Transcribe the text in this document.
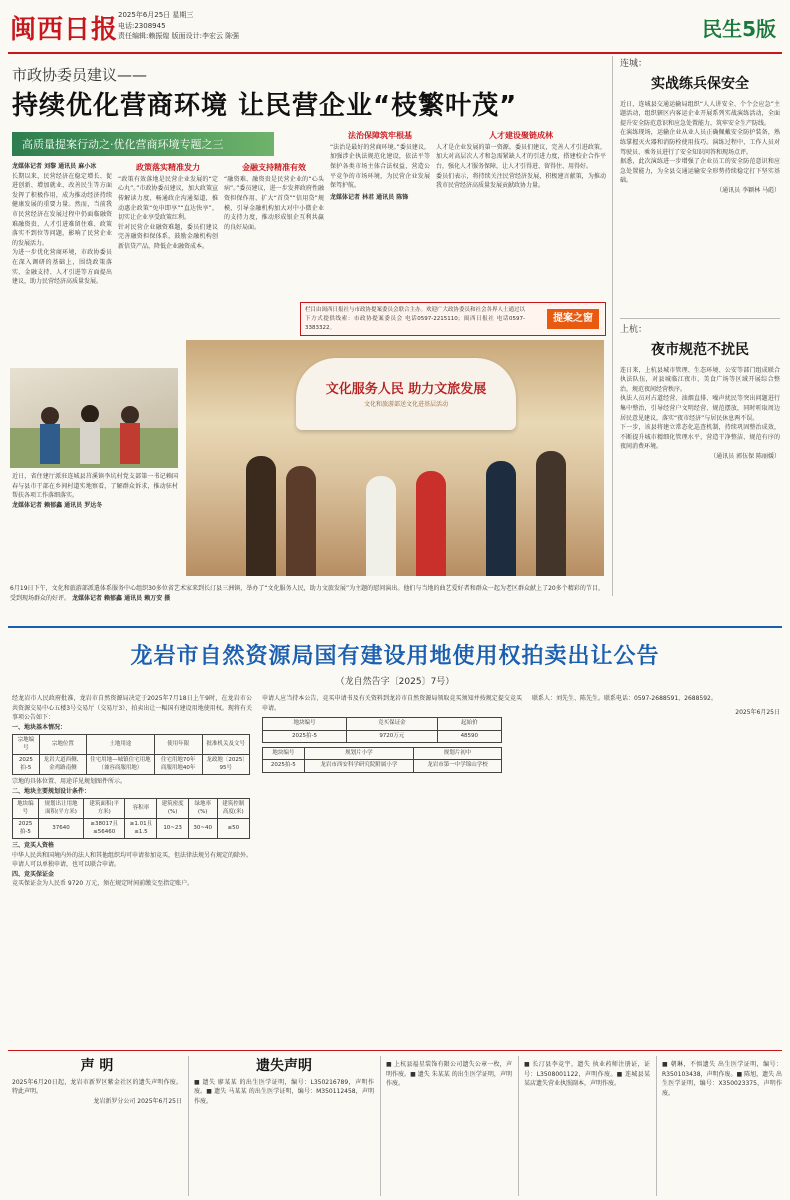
闽西日报 2025年6月25日 星期三
电话:2308945
责任编辑:赖振煌 版面设计:李宏云 陈强	民生5版
市政协委员建议——
持续优化营商环境 让民营企业“枝繁叶茂”
高质量提案行动之·优化营商环境专题之三
龙媒体记者 刘黎 通讯员 麻小冰
长期以来，民营经济在稳定增长、促进创新、增加就业、改善民生等方面发挥了积极作用，成为推动经济持续健康发展的重要力量。然而，当前我市民营经济在发展过程中仍面临融资难融资贵、人才引进难留住难、政策落实不到位等问题，影响了民营企业的发展活力。
为进一步优化营商环境，市政协委员在深入调研的基础上，围绕政策落实、金融支持、人才引进等方面提出建议，助力民营经济高质量发展。
政策落实精准发力
“政策有效落地是民营企业发展的“定心丸”。”市政协委员建议，加大政策宣传解读力度，畅通政企沟通渠道，推动惠企政策“免申即享”“直达快享”，切实让企业享受政策红利。
针对民营企业融资难题，委员们建议完善融资担保体系，鼓励金融机构创新信贷产品，降低企业融资成本。
金融支持精准有效
“融资难、融资贵是民营企业的“心头病”。”委员建议，进一步发挥政府性融资担保作用，扩大“首贷”“信用贷”规模，引导金融机构加大对中小微企业的支持力度，推动形成银企互利共赢的良好局面。
法治保障筑牢根基
“法治是最好的营商环境。”委员建议，加强涉企执法规范化建设，依法平等保护各类市场主体合法权益，营造公平竞争的市场环境，为民营企业发展保驾护航。
龙媒体记者 林君 通讯员 陈锋
人才建设聚链成林
人才是企业发展的第一资源。委员们建议，完善人才引进政策，加大对高层次人才和急需紧缺人才的引进力度，搭建校企合作平台，强化人才服务保障，让人才引得进、留得住、用得好。
委员们表示，将持续关注民营经济发展，积极建言献策，为推动我市民营经济高质量发展贡献政协力量。
栏目由闽西日报社与市政协提案委员会联合主办。欢迎广大政协委员和社会各界人士通过以下方式提供线索：市政协提案委员会 电话0597-2215110；闽西日报社 电话0597-3383322。
提案之窗
近日，省住建厅派驻连城县莒溪镇李坑村党支部第一书记赖国春与县市干部在乡间村道实地察看，了解群众诉求，推动驻村帮扶各项工作落细落实。
龙媒体记者 赖郁鑫 通讯员 罗达冬
文化服务人民 助力文旅发展
文化和旅游部送文化进基层活动
6月19日下午，文化和旅游部派遣体系服务中心组织30多位省艺术家来到长汀县三洲镇，举办了“文化服务人民，助力文旅发展”为主题的慰问演出。他们与当地的曲艺爱好者和群众一起为老区群众献上了20多个精彩的节目，受到现场群众的好评。 龙媒体记者 赖郁鑫 通讯员 赖万安 摄
连城：
实战练兵保安全
近日，连城县交通运输局组织“人人讲安全、个个会应急”主题活动，组织辖区内客运企业开展系列实战演练活动，全面提升安全防范意识和应急处置能力，筑牢安全生产防线。
在演练现场，运输企业从业人员正确佩戴安全防护装备，熟练掌握灭火器和消防栓使用技巧。演练过程中，工作人员对驾驶员、乘务员进行了安全知识问答和现场点评。
据悉，此次演练进一步增强了企业员工的安全防范意识和应急处置能力，为全县交通运输安全形势持续稳定打下坚实基础。
（通讯员 李颖林 马彪）
上杭：
夜市规范不扰民
连日来，上杭县城市管理、生态环境、公安等部门组成联合执法队伍，对县城临江夜市、美食广场等区域开展综合整治，规范夜间经营秩序。
执法人员对占道经营、油烟直排、噪声扰民等突出问题进行集中整治，引导经营户文明经营、规范摆放，同时听取周边居民意见建议，落实“夜市经济”与居民休息两不误。
下一步，该县将建立常态化巡查机制，持续巩固整治成效，不断提升城市精细化管理水平，营造干净整洁、规范有序的夜间消费环境。
（通讯员 郭伍保 陈丽媛）
龙岩市自然资源局国有建设用地使用权拍卖出让公告
（龙自然告字〔2025〕7号）
经龙岩市人民政府批准，龙岩市自然资源局决定于2025年7月18日上午9时，在龙岩市公共资源交易中心五楼3号交易厅（交易厅3），拍卖出让一幅国有建设用地使用权。现将有关事项公告如下：
一、地块基本情况：
宗地编号	宗地位置	土地用途	使用年限	批准机关及文号
2025拍-5	龙岩大道西侧、金鸡路南侧	住宅用地—城镇住宅用地（兼容商服用地）	住宅用地70年 商服用地40年	龙政地〔2025〕95号
宗地的具体位置、用途详见规划图件所示。
二、地块主要规划设计条件：
地块编号	规划出让用地面积(平方米)	建筑面积(平方米)	容积率	建筑密度(%)	绿地率(%)	建筑控制高度(米)
2025拍-5	37640	≥38017且≤56460	≥1.01且≤1.5	10~23	30~40	≤50
三、竞买人资格
中华人民共和国境内外的法人和其他组织均可申请参加竞买，但法律法规另有规定的除外。申请人可以单独申请，也可以联合申请。
四、竞买保证金
竞买保证金为人民币 9720 万元，须在规定时间前缴交至指定账户。
申请人应当持本公告、竞买申请书及有关资料到龙岩市自然资源局领取竞买须知并按规定提交竞买申请。
地块编号	竞买保证金	起始价
2025拍-5	9720万元	48590
地块编号	规划片小学	规划片初中
2025拍-5	龙岩市西安科学研究院附属小学	龙岩市第一中学锦山学校
联系人：刘先生、陈先生。联系电话：0597-2688591、2688592。
2025年6月25日
声 明
2025年6月20日起，龙岩市新罗区紫金社区的遗失声明作废。特此声明。
龙岩新罗分公司 2025年6月25日
遗失声明
■ 遗失 廖某某 的出生医学证明，编号：L350216789，声明作废。■ 遗失 马某某 的出生医学证明，编号：M350112458，声明作废。
■ 上杭县福星装饰有限公司遗失公章一枚，声明作废。■ 遗失 朱某某 的出生医学证明，声明作废。
■ 长汀县李竞宇，遗失 执业药师注册证，证号：L3508001122，声明作废。■ 连城县某某店遗失营业执照副本，声明作废。
■ 朝琳，不慎遗失 出生医学证明，编号：R350103438，声明作废。■ 陈旭，遗失 出生医学证明，编号：X350023375，声明作废。
